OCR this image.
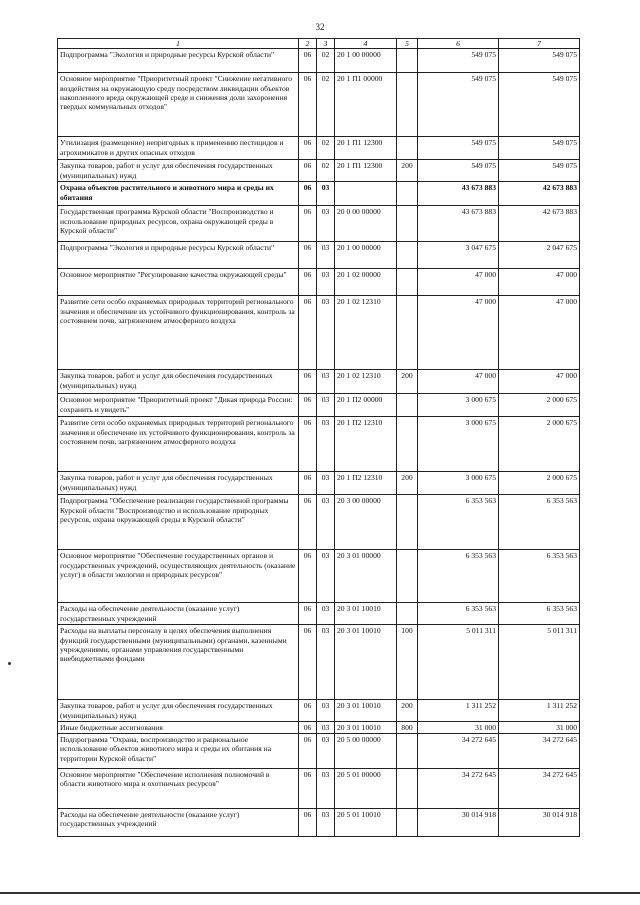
32
1	2	3	4	5	6	7
Подпрограмма "Экология и природные ресурсы Курской области"	06	02	20 1 00 00000		549 075	549 075
Основное мероприятие "Приоритетный проект "Снижение негативного воздействия на окружающую среду посредством ликвидации объектов накопленного вреда окружающей среде и снижения доли захоронения твердых коммунальных отходов"	06	02	20 1 П1 00000		549 075	549 075
Утилизация (размещение) непригодных к применению пестицидов и агрохимикатов и других опасных отходов	06	02	20 1 П1 12300		549 075	549 075
Закупка товаров, работ и услуг для обеспечения государственных (муниципальных) нужд	06	02	20 1 П1 12300	200	549 075	549 075
Охрана объектов растительного и животного мира и среды их обитания	06	03			43 673 883	42 673 883
Государственная программа Курской области "Воспроизводство и использование природных ресурсов, охрана окружающей среды в Курской области"	06	03	20 0 00 00000		43 673 883	42 673 883
Подпрограмма "Экология и природные ресурсы Курской области"	06	03	20 1 00 00000		3 047 675	2 047 675
Основное мероприятие "Регулирование качества окружающей среды"	06	03	20 1 02 00000		47 000	47 000
Развитие сети особо охраняемых природных территорий регионального значения и обеспечение их устойчивого функционирования, контроль за состоянием почв, загрязнением атмосферного воздуха	06	03	20 1 02 12310		47 000	47 000
Закупка товаров, работ и услуг для обеспечения государственных (муниципальных) нужд	06	03	20 1 02 12310	200	47 000	47 000
Основное мероприятие "Приоритетный проект "Дикая природа России: сохранить и увидеть"	06	03	20 1 П2 00000		3 000 675	2 000 675
Развитие сети особо охраняемых природных территорий регионального значения и обеспечение их устойчивого функционирования, контроль за состоянием почв, загрязнением атмосферного воздуха	06	03	20 1 П2 12310		3 000 675	2 000 675
Закупка товаров, работ и услуг для обеспечения государственных (муниципальных) нужд	06	03	20 1 П2 12310	200	3 000 675	2 000 675
Подпрограмма "Обеспечение реализации государственной программы Курской области "Воспроизводство и использование природных ресурсов, охрана окружающей среды в Курской области"	06	03	20 3 00 00000		6 353 563	6 353 563
Основное мероприятие "Обеспечение государственных органов и государственных учреждений, осуществляющих деятельность (оказание услуг) в области экологии и природных ресурсов"	06	03	20 3 01 00000		6 353 563	6 353 563
Расходы на обеспечение деятельности (оказание услуг) государственных учреждений	06	03	20 3 01 10010		6 353 563	6 353 563
Расходы на выплаты персоналу в целях обеспечения выполнения функций государственными (муниципальными) органами, казенными учреждениями, органами управления государственными внебюджетными фондами	06	03	20 3 01 10010	100	5 011 311	5 011 311
Закупка товаров, работ и услуг для обеспечения государственных (муниципальных) нужд	06	03	20 3 01 10010	200	1 311 252	1 311 252
Иные бюджетные ассигнования	06	03	20 3 01 10010	800	31 000	31 000
Подпрограмма "Охрана, воспроизводство и рациональное использование объектов животного мира и среды их обитания на территории Курской области"	06	03	20 5 00 00000		34 272 645	34 272 645
Основное мероприятие "Обеспечение исполнения полномочий в области животного мира и охотничьих ресурсов"	06	03	20 5 01 00000		34 272 645	34 272 645
Расходы на обеспечение деятельности (оказание услуг) государственных учреждений	06	03	20 5 01 10010		30 014 918	30 014 918
